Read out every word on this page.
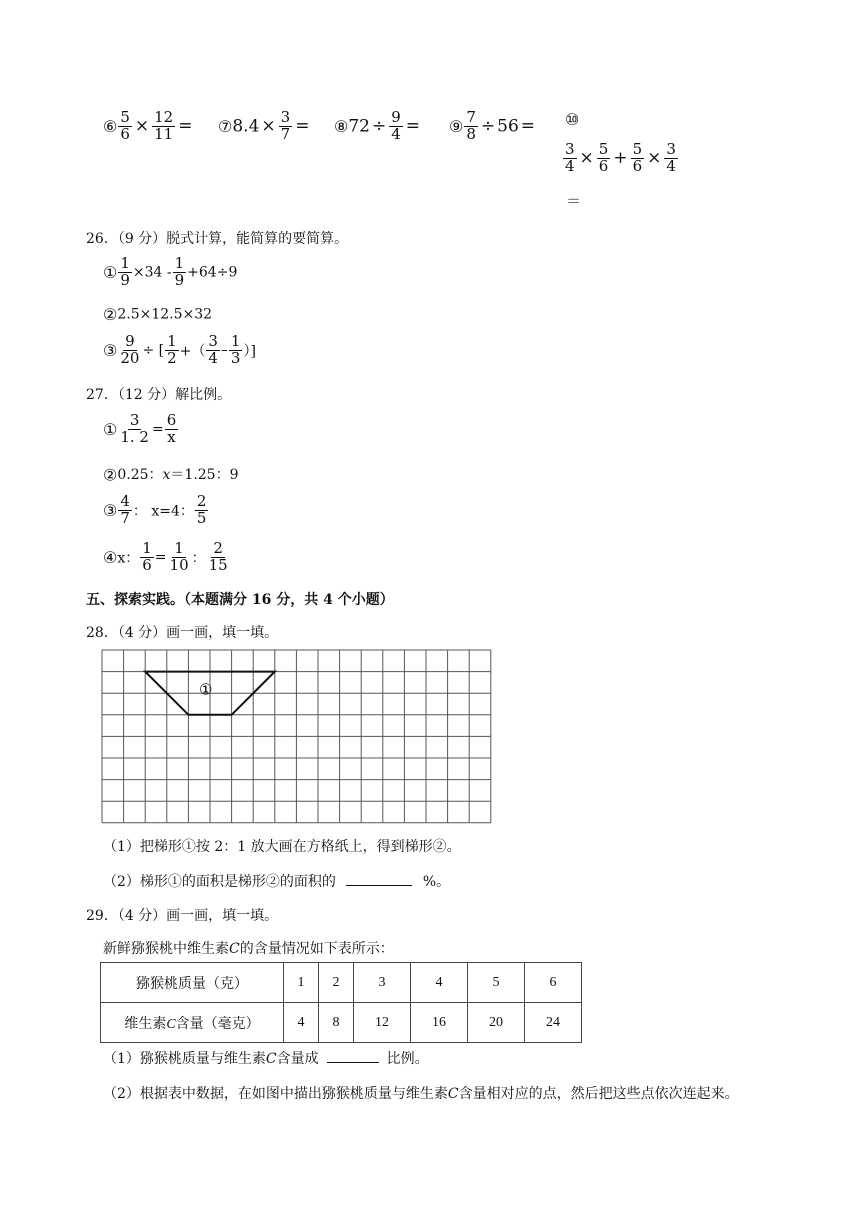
⑥ $\frac{5}{6} \times \frac{12}{11}$ = ⑦8.4 × $\frac{3}{7}$ = ⑧72 ÷ $\frac{9}{4}$ = ⑨ $\frac{7}{8} \div 56$ = ⑩
$\frac{3}{4} \times \frac{5}{6} + \frac{5}{6} \times \frac{3}{4}$
＝
26．（9 分）脱式计算，能简算的要简算。
① $\frac{1}{9} \times 34 - \frac{1}{9} +64\div 9$
②2.5×12.5×32
③ $\frac{9}{20}$ ÷ [ $\frac{1}{2}$ +（ $\frac{3}{4} - \frac{1}{3}$ ）]
27．（12 分）解比例。
① $\frac{3}{1. 2} = \frac{6}{x}$
②0.25：x＝1.25：9
③ $\frac{4}{7}$ ： x=4： $\frac{2}{5}$
④x： $\frac{1}{6} = \frac{1}{10}$ ： $\frac{2}{15}$
五、探索实践。（本题满分 16 分，共 4 个小题）
28．（4 分）画一画，填一填。
①
（1）把梯形①按 2：1 放大画在方格纸上，得到梯形②。
（2）梯形①的面积是梯形②的面积的	%。
29．（4 分）画一画，填一填。
新鲜猕猴桃中维生素C的含量情况如下表所示：
猕猴桃质量（克）	1	2	3	4	5	6
维生素C含量（毫克）	4	8	12	16	20	24
（1）猕猴桃质量与维生素C含量成	比例。
（2）根据表中数据，在如图中描出猕猴桃质量与维生素C含量相对应的点，然后把这些点依次连起来。
